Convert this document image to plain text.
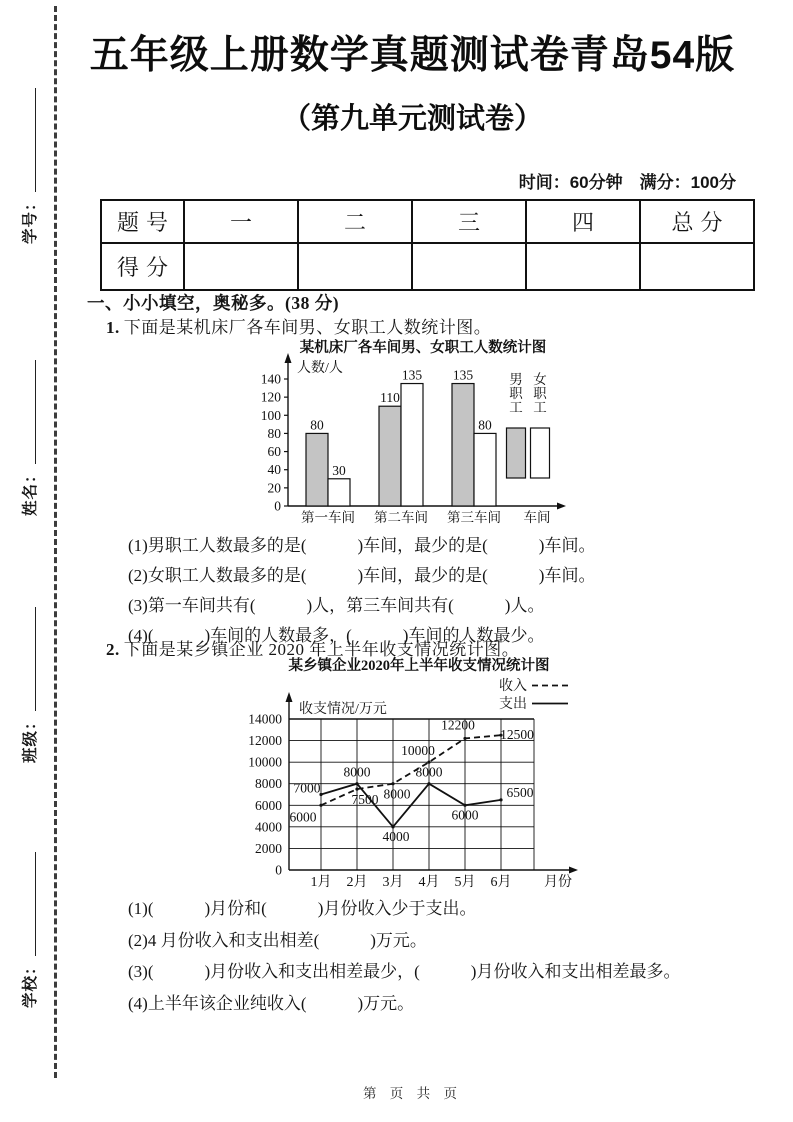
学号：
姓名：
班级：
学校：
五年级上册数学真题测试卷青岛54版
（第九单元测试卷）
时间：60分钟　满分：100分
题号	一	二	三	四	总分
得分					
一、小小填空，奥秘多。(38 分)
1. 下面是某机床厂各车间男、女职工人数统计图。
某机床厂各车间男、女职工人数统计图
人数/人
0
20
40
60
80
100
120
140
车间
80
30
第一车间
110
135
第二车间
135
80
第三车间
男
职
工
女
职
工
(1)男职工人数最多的是(　　　)车间，最少的是(　　　)车间。
(2)女职工人数最多的是(　　　)车间，最少的是(　　　)车间。
(3)第一车间共有(　　　)人，第三车间共有(　　　)人。
(4)(　　　)车间的人数最多，(　　　)车间的人数最少。
2. 下面是某乡镇企业 2020 年上半年收支情况统计图。
某乡镇企业2020年上半年收支情况统计图
收入
支出
收支情况/万元
0
2000
4000
6000
8000
10000
12000
14000
1月 2月 3月 4月 5月 6月 月份
6000
7500 8000
10000
12200
12500
7000
8000
4000
8000
6000
6500
(1)(　　　)月份和(　　　)月份收入少于支出。
(2)4 月份收入和支出相差(　　　)万元。
(3)(　　　)月份收入和支出相差最少，(　　　)月份收入和支出相差最多。
(4)上半年该企业纯收入(　　　)万元。
第 页 共 页
